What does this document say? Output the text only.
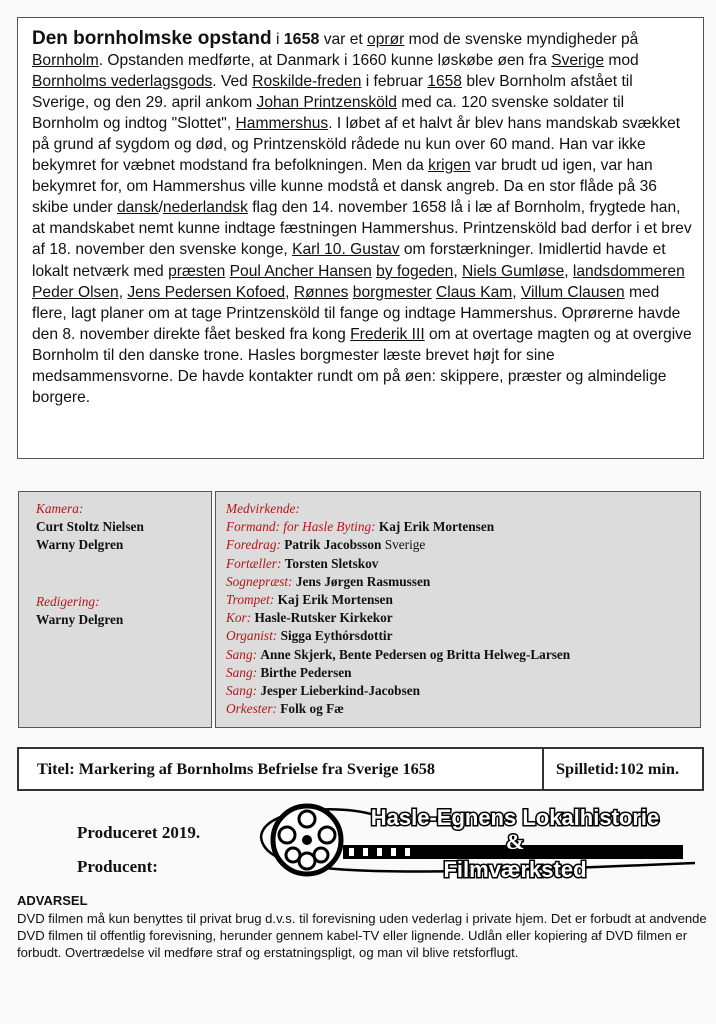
Den bornholmske opstand i 1658 var et oprør mod de svenske myndigheder på Bornholm. Opstanden medførte, at Danmark i 1660 kunne løskøbe øen fra Sverige mod Bornholms vederlagsgods. Ved Roskilde-freden i februar 1658 blev Bornholm afstået til Sverige, og den 29. april ankom Johan Printzensköld med ca. 120 svenske soldater til Bornholm og indtog "Slottet", Hammershus. I løbet af et halvt år blev hans mandskab svækket på grund af sygdom og død, og Printzensköld rådede nu kun over 60 mand. Han var ikke bekymret for væbnet modstand fra befolkningen. Men da krigen var brudt ud igen, var han bekymret for, om Hammershus ville kunne modstå et dansk angreb. Da en stor flåde på 36 skibe under dansk/nederlandsk flag den 14. november 1658 lå i læ af Bornholm, frygtede han, at mandskabet nemt kunne indtage fæstningen Hammershus. Printzensköld bad derfor i et brev af 18. november den svenske konge, Karl 10. Gustav om forstærkninger. Imidlertid havde et lokalt netværk med præsten Poul Ancher Hansen by fogeden, Niels Gumløse, landsdommeren Peder Olsen, Jens Pedersen Kofoed, Rønnes borgmester Claus Kam, Villum Clausen med flere, lagt planer om at tage Printzensköld til fange og indtage Hammershus. Oprørerne havde den 8. november direkte fået besked fra kong Frederik III om at overtage magten og at overgive Bornholm til den danske trone. Hasles borgmester læste brevet højt for sine medsammensvorne. De havde kontakter rundt om på øen: skippere, præster og almindelige borgere.

Kamera:
Curt Stoltz Nielsen
Warny Delgren
Redigering:
Warny Delgren
Medvirkende:
Formand: for Hasle Byting: Kaj Erik Mortensen
Foredrag: Patrik Jacobsson Sverige
Fortæller: Torsten Sletskov
Sognepræst: Jens Jørgen Rasmussen
Trompet: Kaj Erik Mortensen
Kor: Hasle-Rutsker Kirkekor
Organist: Sigga Eythórsdottir
Sang: Anne Skjerk, Bente Pedersen og Britta Helweg-Larsen
Sang: Birthe Pedersen
Sang: Jesper Lieberkind-Jacobsen
Orkester: Folk og Fæ
Titel: Markering af Bornholms Befrielse fra Sverige 1658	Spilletid:102 min.
Produceret 2019.
Producent:
Hasle-Egnens Lokalhistorie
&
Filmværksted
ADVARSEL

DVD filmen må kun benyttes til privat brug d.v.s. til forevisning uden vederlag i private hjem. Det er forbudt at andvende DVD filmen til offentlig forevisning, herunder gennem kabel-TV eller lignende. Udlån eller kopiering af DVD filmen er forbudt. Overtrædelse vil medføre straf og erstatningspligt, og man vil blive retsforflugt.
